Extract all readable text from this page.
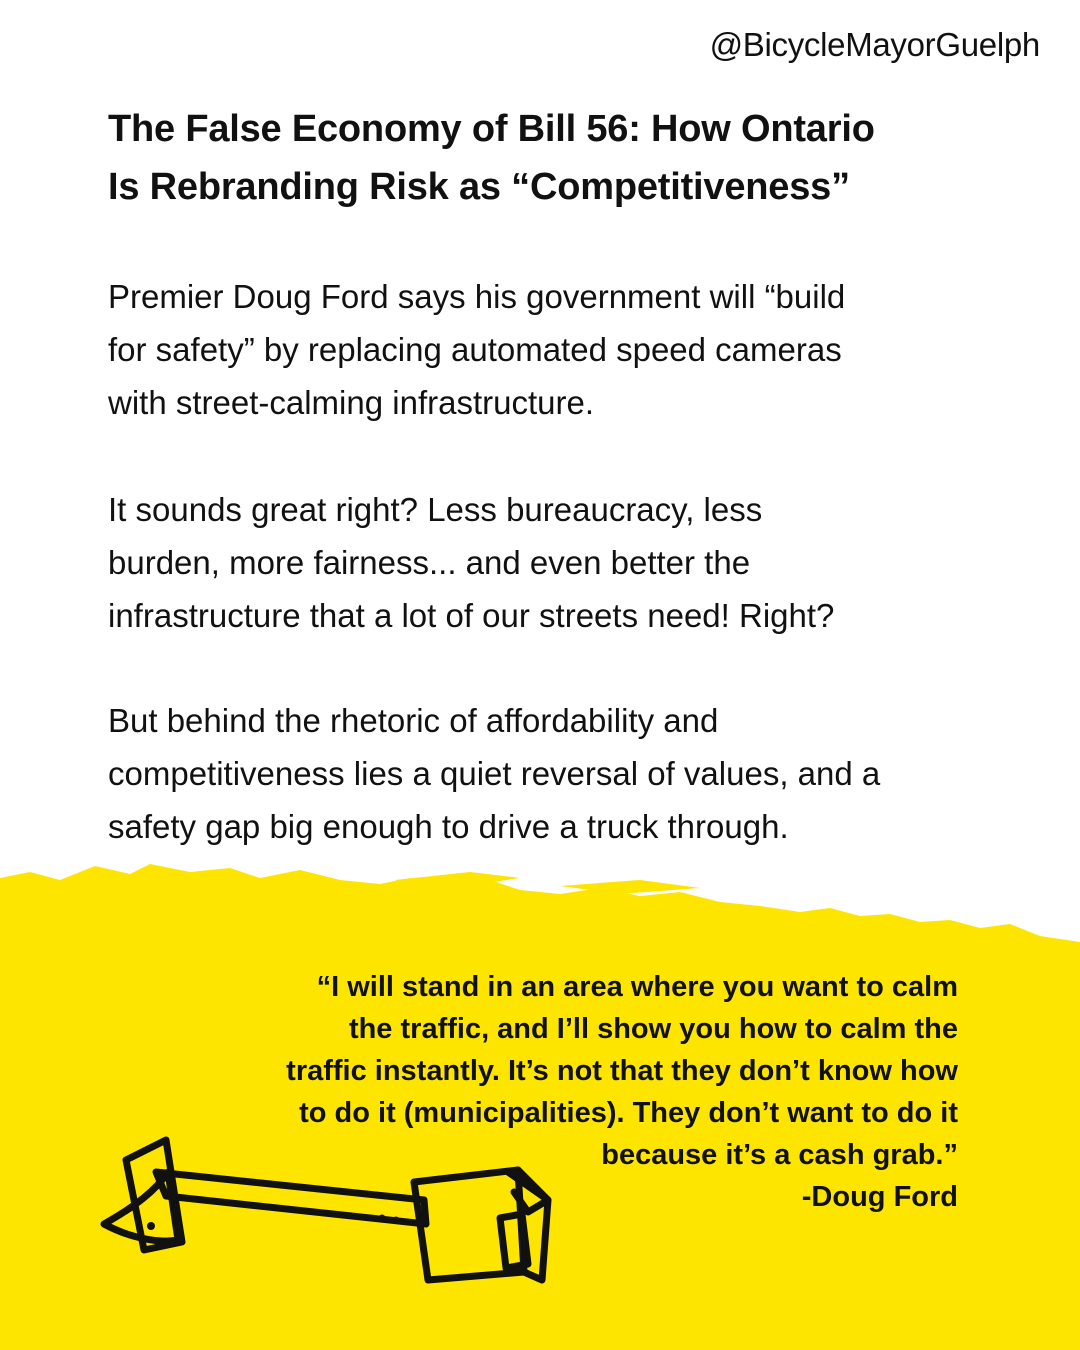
@BicycleMayorGuelph
The False Economy of Bill 56: How Ontario
Is Rebranding Risk as “Competitiveness”

Premier Doug Ford says his government will “build
for safety” by replacing automated speed cameras
with street-calming infrastructure.

It sounds great right? Less bureaucracy, less
burden, more fairness... and even better the
infrastructure that a lot of our streets need! Right?

But behind the rhetoric of affordability and
competitiveness lies a quiet reversal of values, and a
safety gap big enough to drive a truck through.

“I will stand in an area where you want to calm
the traffic, and I’ll show you how to calm the
traffic instantly. It’s not that they don’t know how
to do it (municipalities). They don’t want to do it
because it’s a cash grab.”

-Doug Ford
